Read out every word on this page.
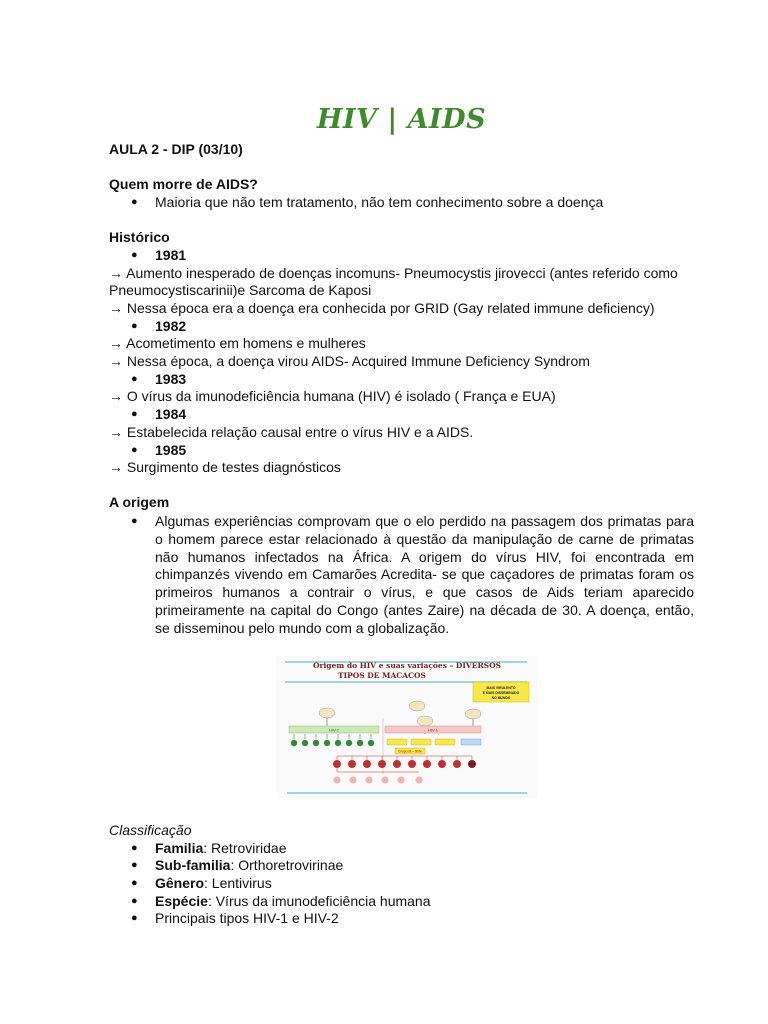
HIV | AIDS
AULA 2 - DIP (03/10)
Quem morre de AIDS?
● Maioria que não tem tratamento, não tem conhecimento sobre a doença
Histórico
● 1981
→ Aumento inesperado de doenças incomuns- Pneumocystis jirovecci (antes referido como
Pneumocystiscarinii)e Sarcoma de Kaposi
→ Nessa época era a doença era conhecida por GRID (Gay related immune deficiency)
● 1982
→ Acometimento em homens e mulheres
→ Nessa época, a doença virou AIDS- Acquired Immune Deficiency Syndrom
● 1983
→ O vírus da imunodeficiência humana (HIV) é isolado ( França e EUA)
● 1984
→ Estabelecida relação causal entre o vírus HIV e a AIDS.
● 1985
→ Surgimento de testes diagnósticos
A origem
● Algumas experiências comprovam que o elo perdido na passagem dos primatas para o homem parece estar relacionado à questão da manipulação de carne de primatas não humanos infectados na África. A origem do vírus HIV, foi encontrada em chimpanzés vivendo em Camarões Acredita- se que caçadores de primatas foram os primeiros humanos a contrair o vírus, e que casos de Aids teriam aparecido primeiramente na capital do Congo (antes Zaire) na década de 30. A doença, então, se disseminou pelo mundo com a globalização.
Origem do HIV e suas variações – DIVERSOS
TIPOS DE MACACOS
MAIS VIRULENTO
E MAIS DISSEMINADO
NO MUNDO
HIV-2	HIV-1
Grupo M – 90%
Classificação
● Familia: Retroviridae
● Sub-familia: Orthoretrovirinae
● Gênero: Lentivirus
● Espécie: Vírus da imunodeficiência humana
● Principais tipos HIV-1 e HIV-2
